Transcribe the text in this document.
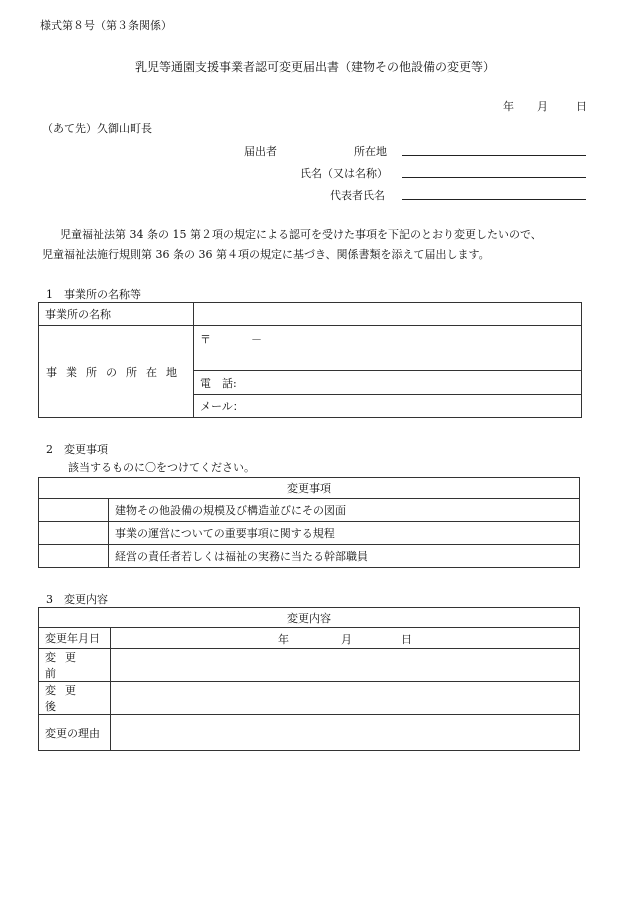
様式第８号（第３条関係）
乳児等通園支援事業者認可変更届出書（建物その他設備の変更等）
年 月	日
（あて先）久御山町長
届出者	所在地
氏名（又は名称）
代表者氏名
児童福祉法第 34 条の 15 第２項の規定による認可を受けた事項を下記のとおり変更したいので、
児童福祉法施行規則第 36 条の 36 第４項の規定に基づき、関係書類を添えて届出します。
1　事業所の名称等
事業所の名称	
事業所の所在地	〒 －
	電　話:
	メール：
2　変更事項
該当するものに〇をつけてください。
変更事項	
	建物その他設備の規模及び構造並びにその図面
	事業の運営についての重要事項に関する規程
	経営の責任者若しくは福祉の実務に当たる幹部職員
3　変更内容
変更内容	
変更年月日	年 月 日

変更前	
変更後	
変更の理由	
